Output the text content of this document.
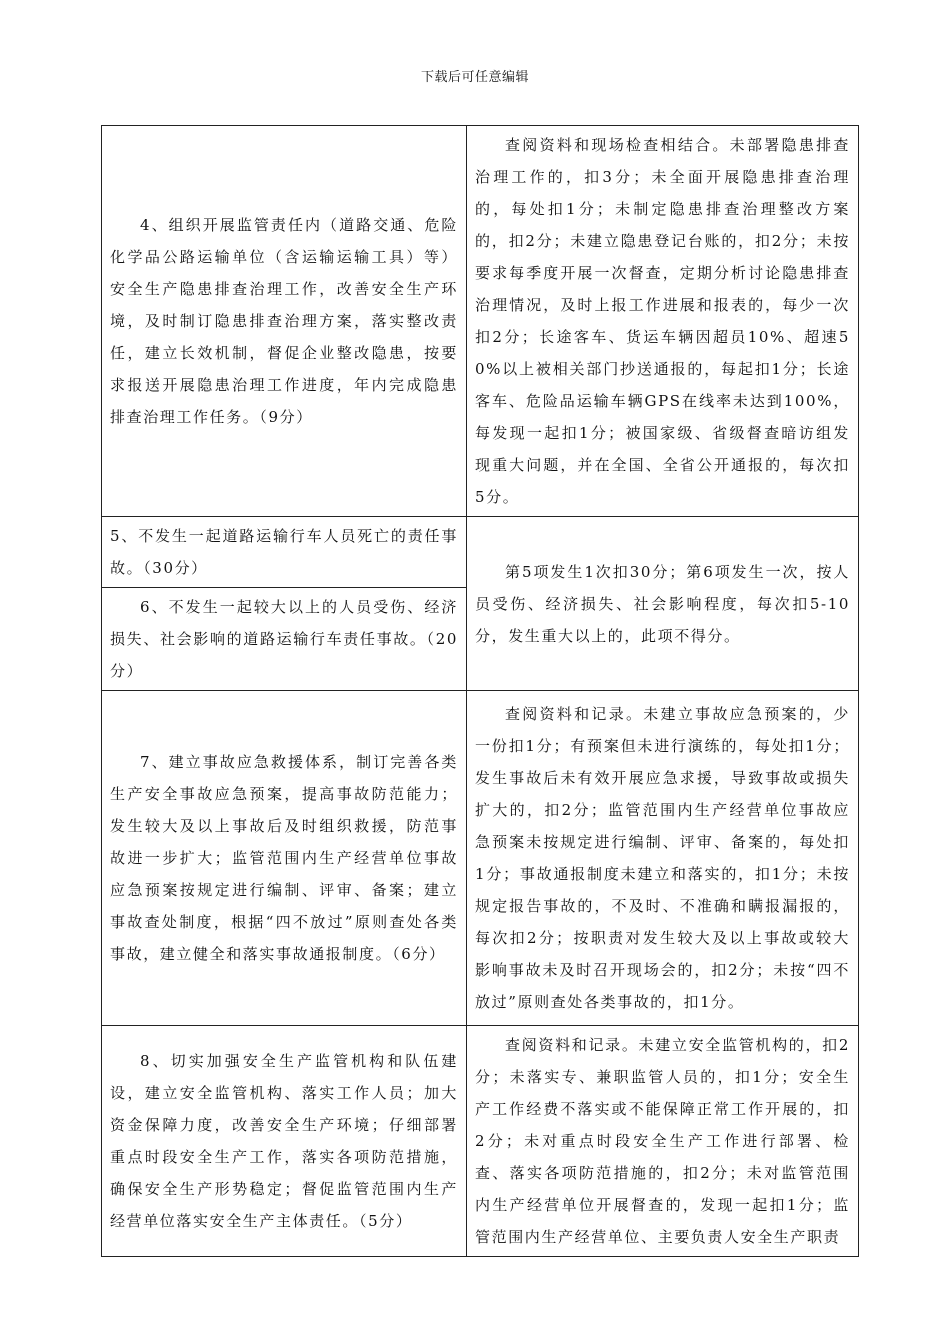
下载后可任意编辑
4、组织开展监管责任内（道路交通、危险化学品公路运输单位（含运输运输工具）等）安全生产隐患排查治理工作，改善安全生产环境，及时制订隐患排查治理方案，落实整改责任，建立长效机制，督促企业整改隐患，按要求报送开展隐患治理工作进度，年内完成隐患排查治理工作任务。（9分）	查阅资料和现场检查相结合。未部署隐患排查治理工作的，扣3分；未全面开展隐患排查治理的，每处扣1分；未制定隐患排查治理整改方案的，扣2分；未建立隐患登记台账的，扣2分；未按要求每季度开展一次督查，定期分析讨论隐患排查治理情况，及时上报工作进展和报表的，每少一次扣2分；长途客车、货运车辆因超员10%、超速50%以上被相关部门抄送通报的，每起扣1分；长途客车、危险品运输车辆GPS在线率未达到100%，每发现一起扣1分；被国家级、省级督查暗访组发现重大问题，并在全国、全省公开通报的，每次扣5分。
5、不发生一起道路运输行车人员死亡的责任事故。（30分）	第5项发生1次扣30分；第6项发生一次，按人员受伤、经济损失、社会影响程度，每次扣5-10分，发生重大以上的，此项不得分。
6、不发生一起较大以上的人员受伤、经济损失、社会影响的道路运输行车责任事故。（20分）	
7、建立事故应急救援体系，制订完善各类生产安全事故应急预案，提高事故防范能力；发生较大及以上事故后及时组织救援，防范事故进一步扩大；监管范围内生产经营单位事故应急预案按规定进行编制、评审、备案；建立事故查处制度，根据“四不放过”原则查处各类事故，建立健全和落实事故通报制度。（6分）	查阅资料和记录。未建立事故应急预案的，少一份扣1分；有预案但未进行演练的，每处扣1分；发生事故后未有效开展应急求援，导致事故或损失扩大的，扣2分；监管范围内生产经营单位事故应急预案未按规定进行编制、评审、备案的，每处扣1分；事故通报制度未建立和落实的，扣1分；未按规定报告事故的，不及时、不准确和瞒报漏报的，每次扣2分；按职责对发生较大及以上事故或较大影响事故未及时召开现场会的，扣2分；未按“四不放过”原则查处各类事故的，扣1分。
8、切实加强安全生产监管机构和队伍建设，建立安全监管机构、落实工作人员；加大资金保障力度，改善安全生产环境；仔细部署重点时段安全生产工作，落实各项防范措施，确保安全生产形势稳定；督促监管范围内生产经营单位落实安全生产主体责任。（5分）	查阅资料和记录。未建立安全监管机构的，扣2分；未落实专、兼职监管人员的，扣1分；安全生产工作经费不落实或不能保障正常工作开展的，扣2分；未对重点时段安全生产工作进行部署、检查、落实各项防范措施的，扣2分；未对监管范围内生产经营单位开展督查的，发现一起扣1分；监管范围内生产经营单位、主要负责人安全生产职责
